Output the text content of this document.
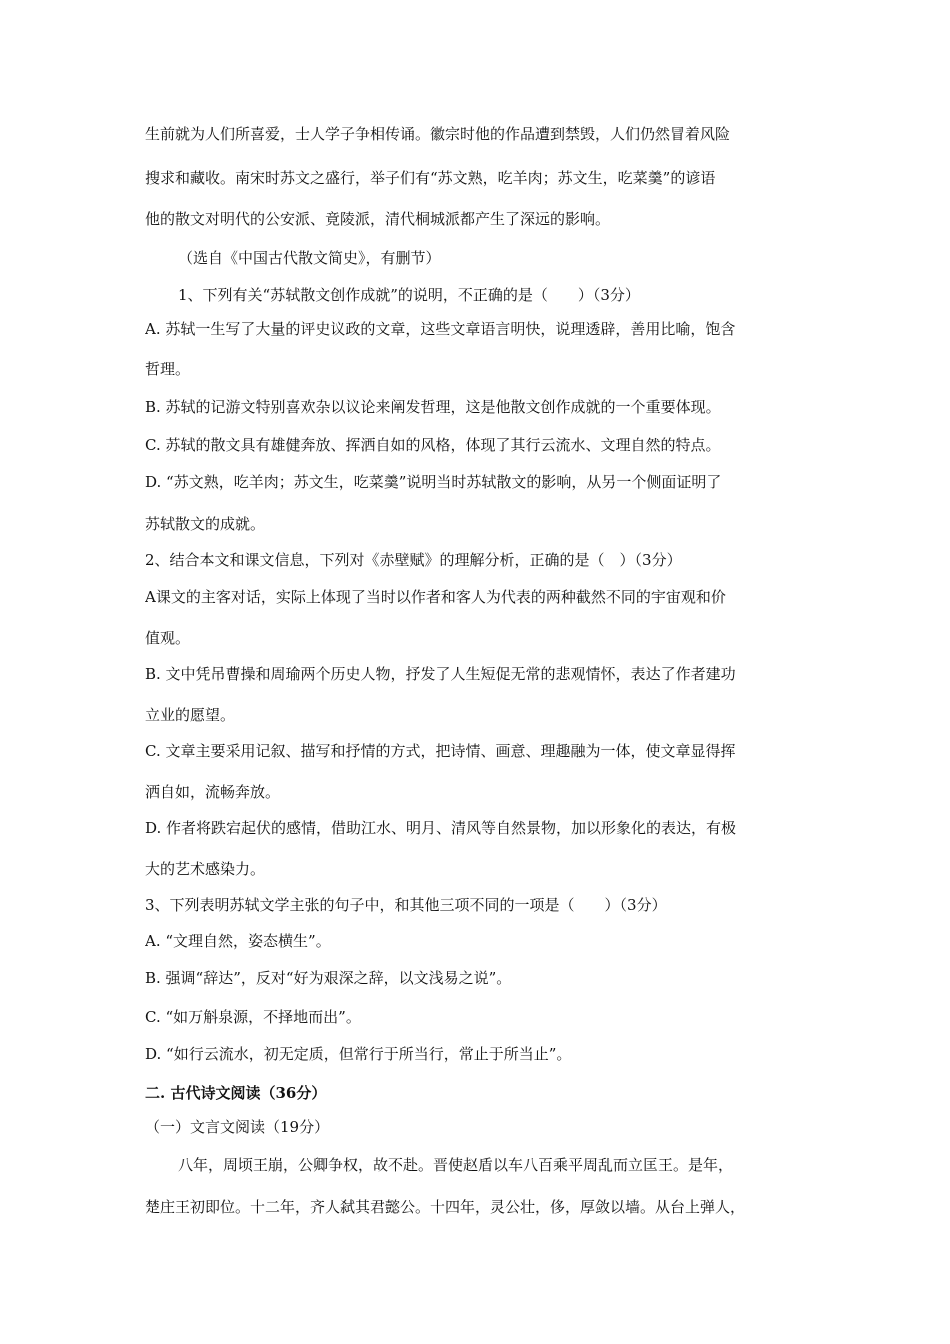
生前就为人们所喜爱，士人学子争相传诵。徽宗时他的作品遭到禁毁，人们仍然冒着风险
搜求和藏收。南宋时苏文之盛行，举子们有“苏文熟，吃羊肉；苏文生，吃菜羹”的谚语
他的散文对明代的公安派、竟陵派，清代桐城派都产生了深远的影响。
（选自《中国古代散文简史》，有删节）
1、下列有关“苏轼散文创作成就”的说明，不正确的是（　　）（3分）
A. 苏轼一生写了大量的评史议政的文章，这些文章语言明快，说理透辟，善用比喻，饱含
哲理。
B. 苏轼的记游文特别喜欢杂以议论来阐发哲理，这是他散文创作成就的一个重要体现。
C. 苏轼的散文具有雄健奔放、挥洒自如的风格，体现了其行云流水、文理自然的特点。
D. “苏文熟，吃羊肉；苏文生，吃菜羹”说明当时苏轼散文的影响，从另一个侧面证明了
苏轼散文的成就。
2、结合本文和课文信息，下列对《赤壁赋》的理解分析，正确的是（　）（3分）
A课文的主客对话，实际上体现了当时以作者和客人为代表的两种截然不同的宇宙观和价
值观。
B. 文中凭吊曹操和周瑜两个历史人物，抒发了人生短促无常的悲观情怀，表达了作者建功
立业的愿望。
C. 文章主要采用记叙、描写和抒情的方式，把诗情、画意、理趣融为一体，使文章显得挥
洒自如，流畅奔放。
D. 作者将跌宕起伏的感情，借助江水、明月、清风等自然景物，加以形象化的表达，有极
大的艺术感染力。
3、下列表明苏轼文学主张的句子中，和其他三项不同的一项是（　　）（3分）
A. “文理自然，姿态横生”。
B. 强调“辞达”，反对“好为艰深之辞，以文浅易之说”。
C. “如万斛泉源，不择地而出”。
D. “如行云流水，初无定质，但常行于所当行，常止于所当止”。
二. 古代诗文阅读（36分）
（一）文言文阅读（19分）
八年，周顷王崩，公卿争权，故不赴。晋使赵盾以车八百乘平周乱而立匡王。是年，
楚庄王初即位。十二年，齐人弑其君懿公。十四年，灵公壮，侈，厚敛以墙。从台上弹人，
